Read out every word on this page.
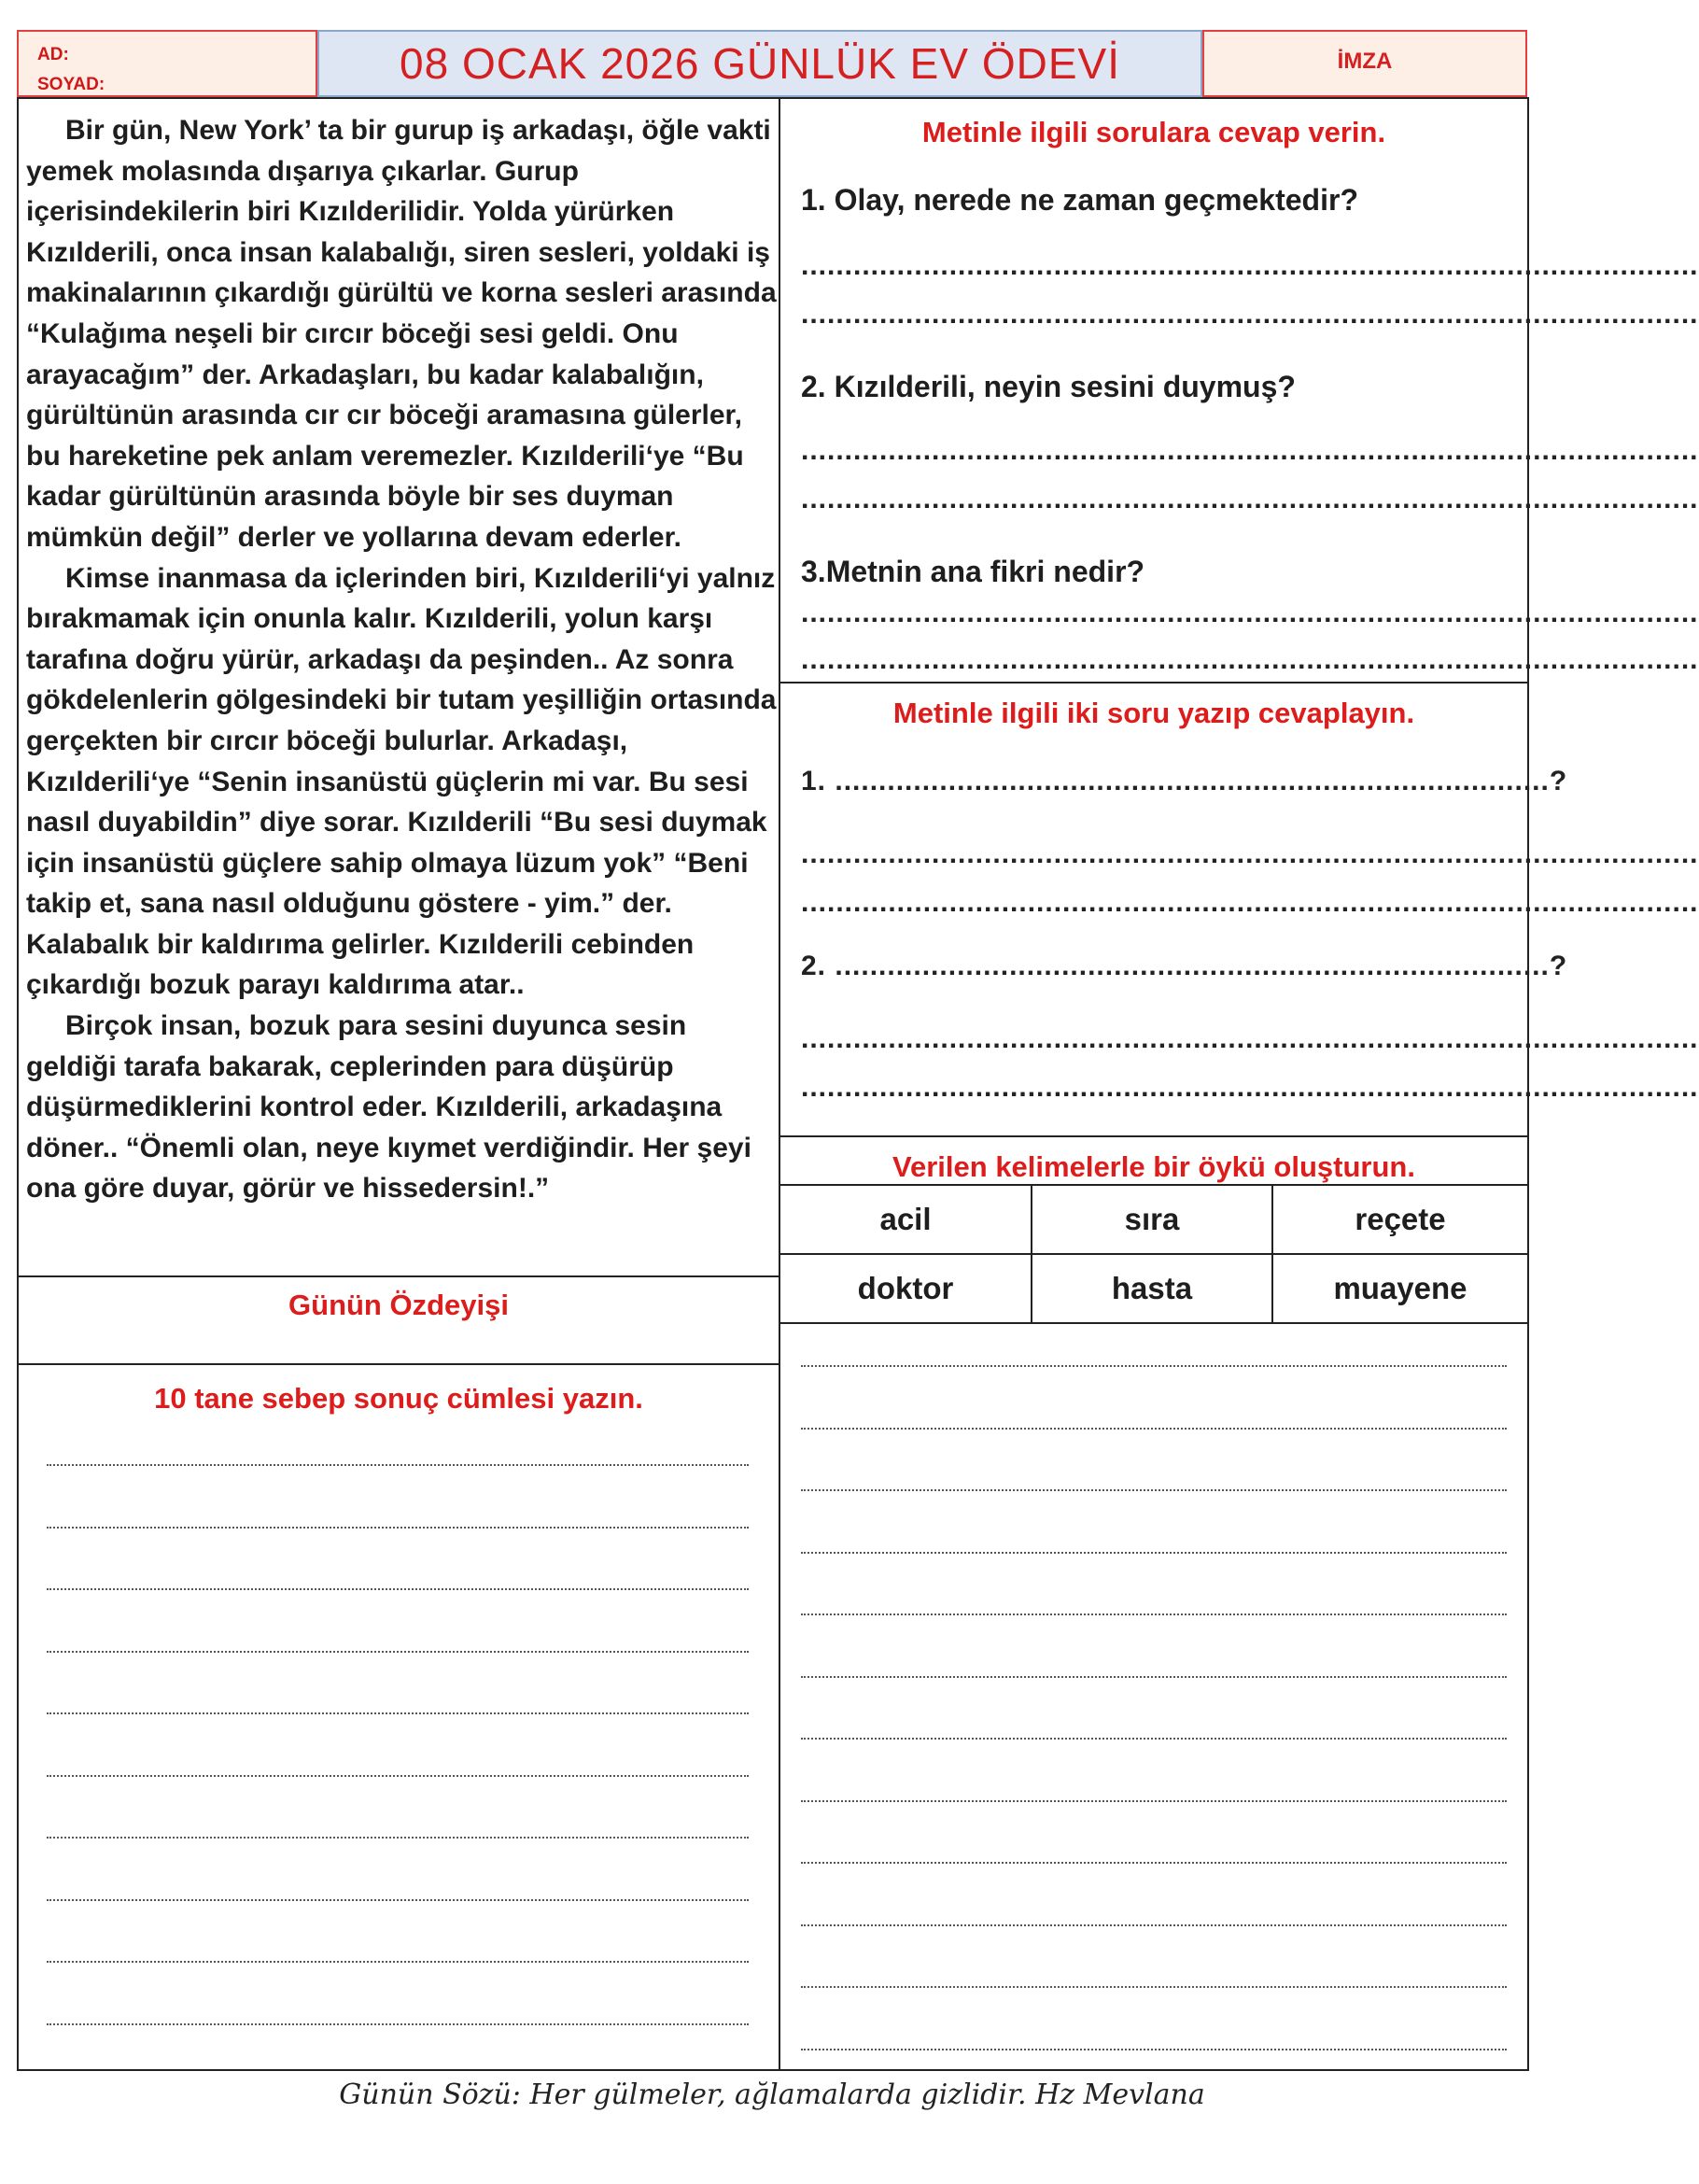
AD:
SOYAD:	08 OCAK 2026 GÜNLÜK EV ÖDEVİ	İMZA

Bir gün, New York’ ta bir gurup iş arkadaşı, öğle vakti yemek molasında dışarıya çıkarlar. Gurup içerisindekilerin biri Kızılderilidir. Yolda yürürken Kızılderili, onca insan kalabalığı, siren sesleri, yoldaki iş makinalarının çıkardığı gürültü ve korna sesleri arasında “Kulağıma neşeli bir cırcır böceği sesi geldi. Onu arayacağım” der. Arkadaşları, bu kadar kalabalığın, gürültünün arasında cır cır böceği aramasına gülerler, bu hareketine pek anlam veremezler. Kızılderili‘ye “Bu kadar gürültünün arasında böyle bir ses duyman mümkün değil” derler ve yollarına devam ederler.

Kimse inanmasa da içlerinden biri, Kızılderili‘yi yalnız bırakmamak için onunla kalır. Kızılderili, yolun karşı tarafına doğru yürür, arkadaşı da peşinden.. Az sonra gökdelenlerin gölgesindeki bir tutam yeşilliğin ortasında gerçekten bir cırcır böceği bulurlar. Arkadaşı, Kızılderili‘ye “Senin insanüstü güçlerin mi var. Bu sesi nasıl duyabildin” diye sorar. Kızılderili “Bu sesi duymak için insanüstü güçlere sahip olmaya lüzum yok” “Beni takip et, sana nasıl olduğunu göstere - yim.” der. Kalabalık bir kaldırıma gelirler. Kızılderili cebinden çıkardığı bozuk parayı kaldırıma atar..

Birçok insan, bozuk para sesini duyunca sesin geldiği tarafa bakarak, ceplerinden para düşürüp düşürmediklerini kontrol eder. Kızılderili, arkadaşına döner.. “Önemli olan, neye kıymet verdiğindir. Her şeyi ona göre duyar, görür ve hissedersin!.”

Günün Özdeyişi
10 tane sebep sonuç cümlesi yazın.
Metinle ilgili sorulara cevap verin.
1. Olay, nerede ne zaman geçmektedir?
.......................................................................................................
.......................................................................................................
2. Kızılderili, neyin sesini duymuş?
.......................................................................................................
.......................................................................................................
3.Metnin ana fikri nedir?
.......................................................................................................
.......................................................................................................
Metinle ilgili iki soru yazıp cevaplayın.
1. ..................................................................................?
.......................................................................................................
.......................................................................................................
2. ..................................................................................?
.......................................................................................................
.......................................................................................................
Verilen kelimelerle bir öykü oluşturun.
acil	sıra	reçete
doktor	hasta	muayene
Günün Sözü: Her gülmeler, ağlamalarda gizlidir. Hz Mevlana
